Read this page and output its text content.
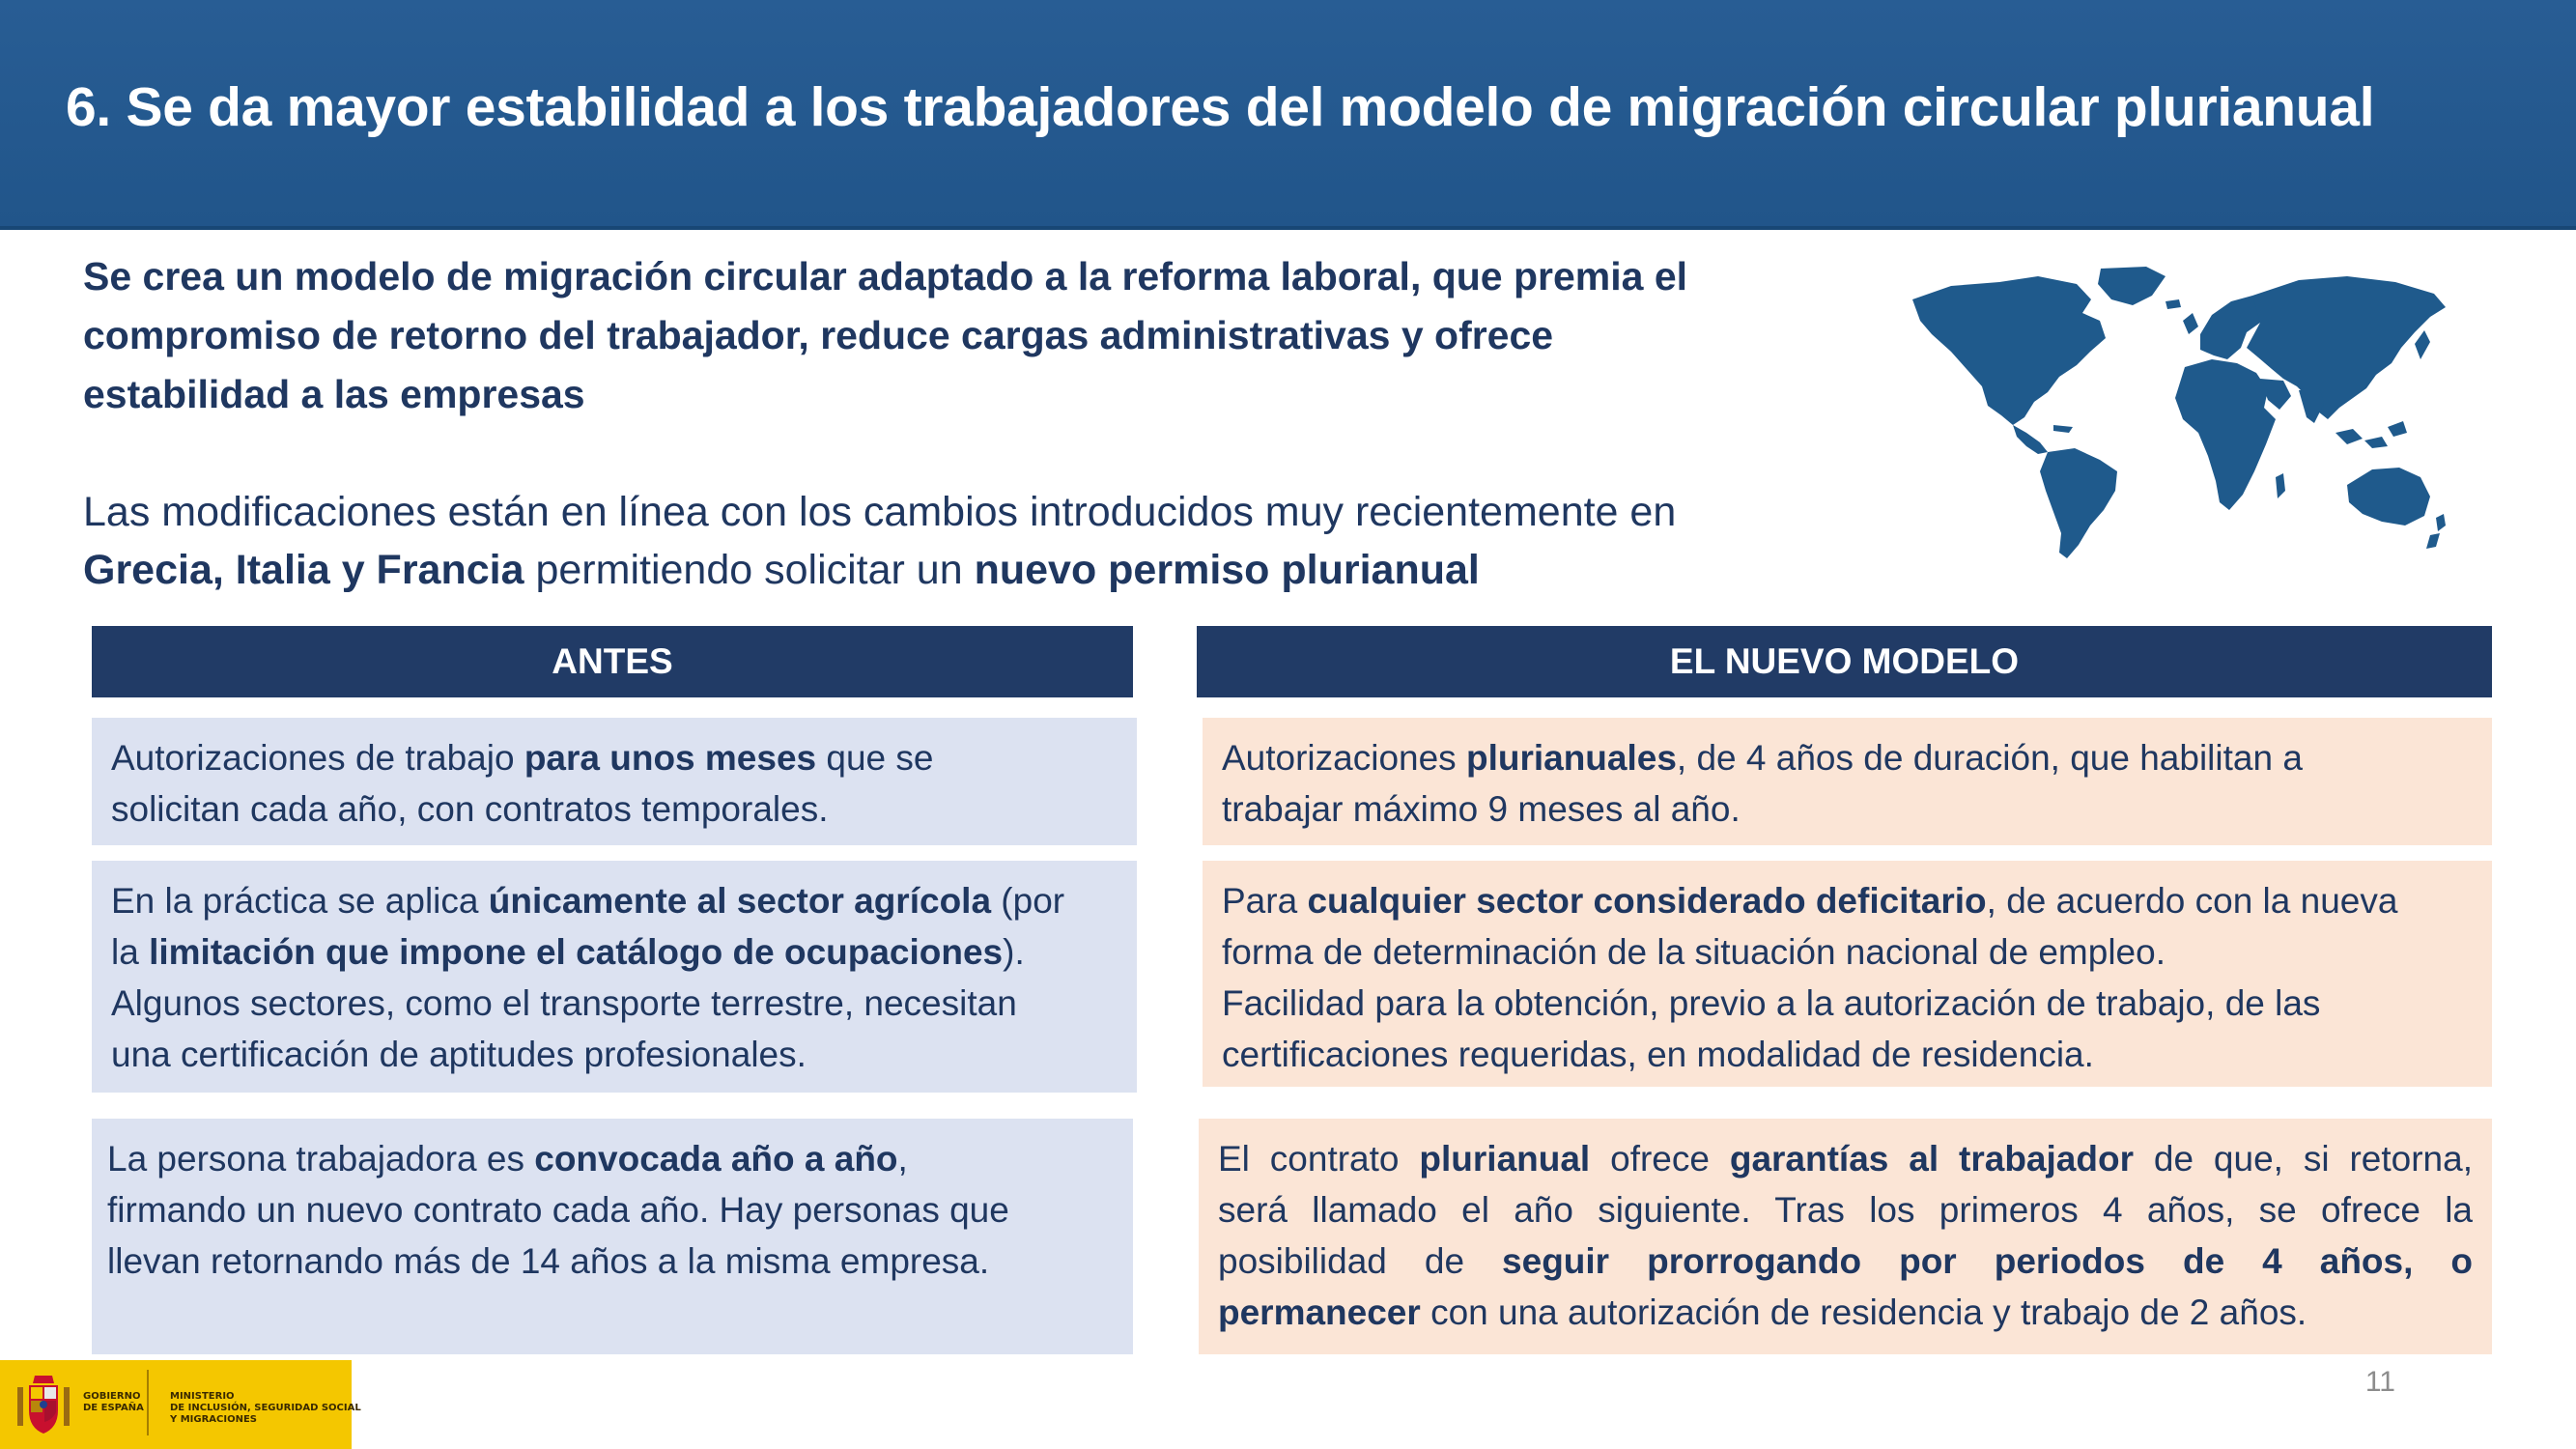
6. Se da mayor estabilidad a los trabajadores del modelo de migración circular plurianual
Se crea un modelo de migración circular adaptado a la reforma laboral, que premia el
compromiso de retorno del trabajador, reduce cargas administrativas y ofrece
estabilidad a las empresas
Las modificaciones están en línea con los cambios introducidos muy recientemente en
Grecia, Italia y Francia permitiendo solicitar un nuevo permiso plurianual
ANTES	EL NUEVO MODELO
Autorizaciones de trabajo para unos meses que se
solicitan cada año, con contratos temporales.
En la práctica se aplica únicamente al sector agrícola (por
la limitación que impone el catálogo de ocupaciones).
Algunos sectores, como el transporte terrestre, necesitan
una certificación de aptitudes profesionales.
La persona trabajadora es convocada año a año,
firmando un nuevo contrato cada año. Hay personas que
llevan retornando más de 14 años a la misma empresa.
Autorizaciones plurianuales, de 4 años de duración, que habilitan a
trabajar máximo 9 meses al año.
Para cualquier sector considerado deficitario, de acuerdo con la nueva
forma de determinación de la situación nacional de empleo.
Facilidad para la obtención, previo a la autorización de trabajo, de las
certificaciones requeridas, en modalidad de residencia.
El contrato plurianual ofrece garantías al trabajador de que, si retorna,
será llamado el año siguiente. Tras los primeros 4 años, se ofrece la
posibilidad de seguir prorrogando por periodos de 4 años, o
permanecer con una autorización de residencia y trabajo de 2 años.
11
GOBIERNO
DE ESPAÑA
MINISTERIO
DE INCLUSIÓN, SEGURIDAD SOCIAL
Y MIGRACIONES
